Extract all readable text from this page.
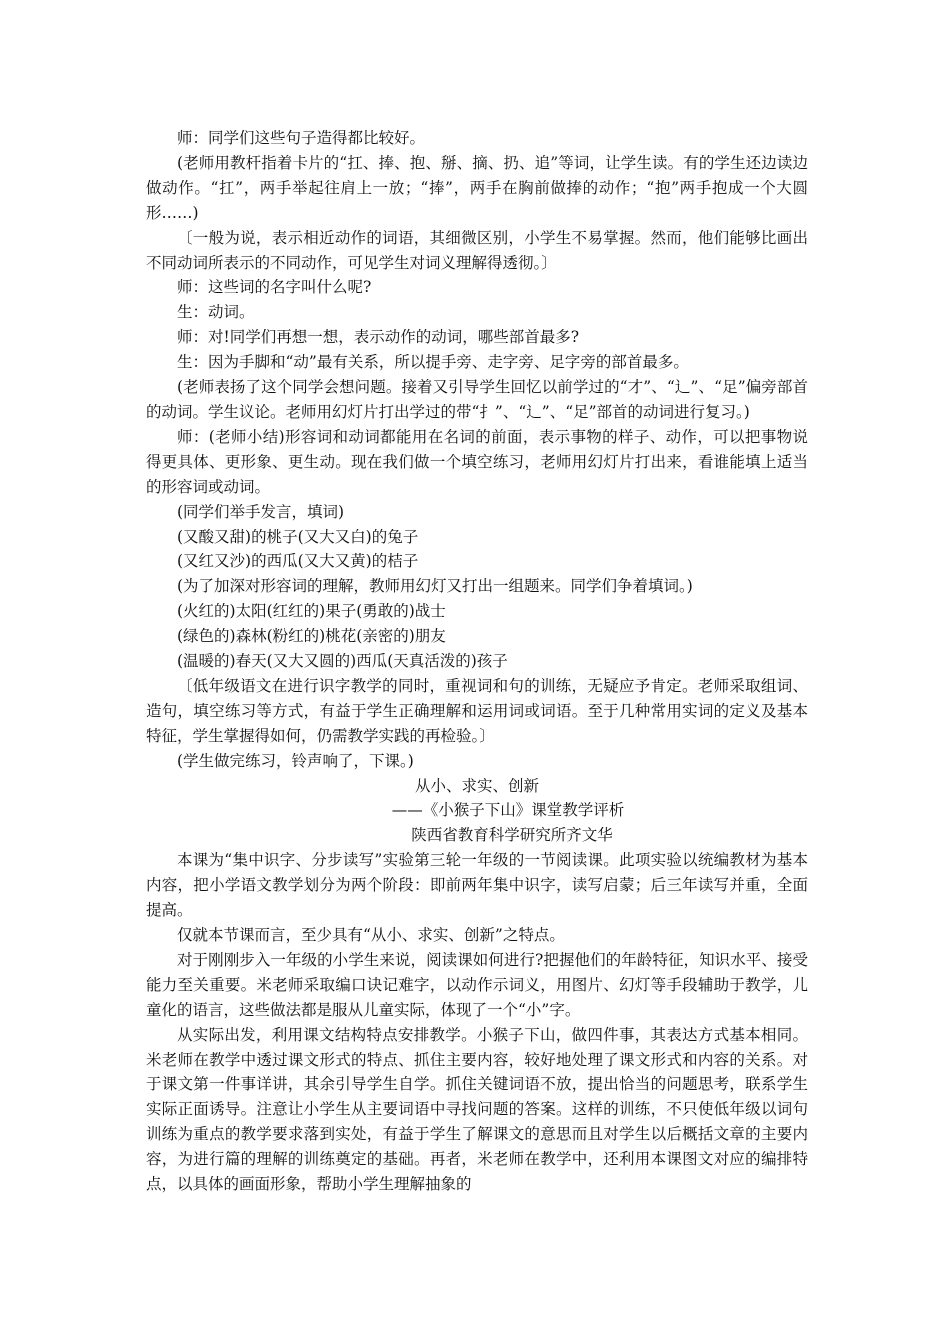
师：同学们这些句子造得都比较好。

(老师用教杆指着卡片的“扛、捧、抱、掰、摘、扔、追”等词，让学生读。有的学生还边读边做动作。“扛”，两手举起往肩上一放；“捧”，两手在胸前做捧的动作；“抱”两手抱成一个大圆形……)

〔一般为说，表示相近动作的词语，其细微区别，小学生不易掌握。然而，他们能够比画出不同动词所表示的不同动作，可见学生对词义理解得透彻。〕

师：这些词的名字叫什么呢?

生：动词。

师：对!同学们再想一想，表示动作的动词，哪些部首最多?

生：因为手脚和“动”最有关系，所以提手旁、走字旁、足字旁的部首最多。

(老师表扬了这个同学会想问题。接着又引导学生回忆以前学过的“才”、“辶”、“足”偏旁部首的动词。学生议论。老师用幻灯片打出学过的带“扌”、“辶”、“足”部首的动词进行复习。)

师：(老师小结)形容词和动词都能用在名词的前面，表示事物的样子、动作，可以把事物说得更具体、更形象、更生动。现在我们做一个填空练习，老师用幻灯片打出来，看谁能填上适当的形容词或动词。

(同学们举手发言，填词)

(又酸又甜)的桃子(又大又白)的兔子

(又红又沙)的西瓜(又大又黄)的桔子

(为了加深对形容词的理解，教师用幻灯又打出一组题来。同学们争着填词。)

(火红的)太阳(红红的)果子(勇敢的)战士

(绿色的)森林(粉红的)桃花(亲密的)朋友

(温暖的)春天(又大又圆的)西瓜(天真活泼的)孩子

〔低年级语文在进行识字教学的同时，重视词和句的训练，无疑应予肯定。老师采取组词、造句，填空练习等方式，有益于学生正确理解和运用词或词语。至于几种常用实词的定义及基本特征，学生掌握得如何，仍需教学实践的再检验。〕

(学生做完练习，铃声响了，下课。)

从小、求实、创新

——《小猴子下山》课堂教学评析

陕西省教育科学研究所齐文华

本课为“集中识字、分步读写”实验第三轮一年级的一节阅读课。此项实验以统编教材为基本内容，把小学语文教学划分为两个阶段：即前两年集中识字，读写启蒙；后三年读写并重，全面提高。

仅就本节课而言，至少具有“从小、求实、创新”之特点。

对于刚刚步入一年级的小学生来说，阅读课如何进行?把握他们的年龄特征，知识水平、接受能力至关重要。米老师采取编口诀记难字，以动作示词义，用图片、幻灯等手段辅助于教学，儿童化的语言，这些做法都是服从儿童实际，体现了一个“小”字。

从实际出发，利用课文结构特点安排教学。小猴子下山，做四件事，其表达方式基本相同。米老师在教学中透过课文形式的特点、抓住主要内容，较好地处理了课文形式和内容的关系。对于课文第一件事详讲，其余引导学生自学。抓住关键词语不放，提出恰当的问题思考，联系学生实际正面诱导。注意让小学生从主要词语中寻找问题的答案。这样的训练，不只使低年级以词句训练为重点的教学要求落到实处，有益于学生了解课文的意思而且对学生以后概括文章的主要内容，为进行篇的理解的训练奠定的基础。再者，米老师在教学中，还利用本课图文对应的编排特点，以具体的画面形象，帮助小学生理解抽象的
